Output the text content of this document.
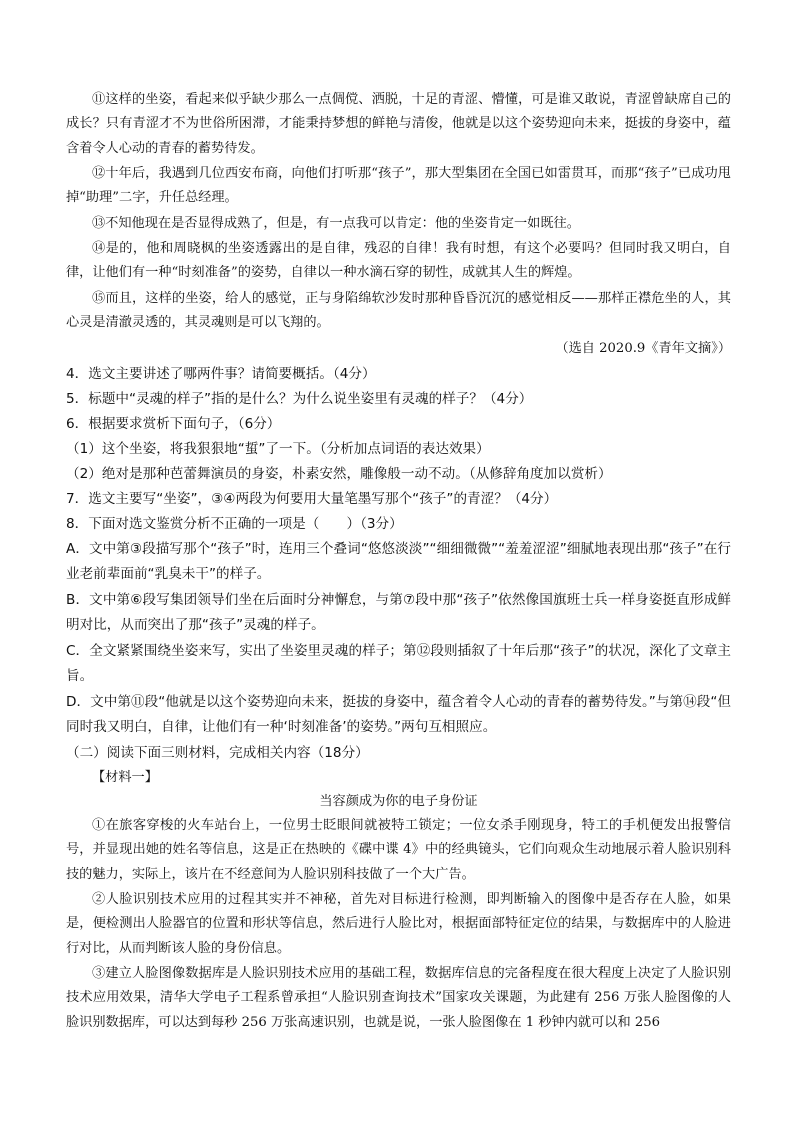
⑪这样的坐姿，看起来似乎缺少那么一点倜傥、洒脱，十足的青涩、懵懂，可是谁又敢说，青涩曾缺席自己的成长？只有青涩才不为世俗所困滞，才能秉持梦想的鲜艳与清俊，他就是以这个姿势迎向未来，挺拔的身姿中，蕴含着令人心动的青春的蓄势待发。

⑫十年后，我遇到几位西安布商，向他们打听那“孩子”，那大型集团在全国已如雷贯耳，而那“孩子”已成功甩掉“助理”二字，升任总经理。

⑬不知他现在是否显得成熟了，但是，有一点我可以肯定：他的坐姿肯定一如既往。

⑭是的，他和周晓枫的坐姿透露出的是自律，残忍的自律！我有时想，有这个必要吗？但同时我又明白，自律，让他们有一种“时刻准备”的姿势，自律以一种水滴石穿的韧性，成就其人生的辉煌。

⑮而且，这样的坐姿，给人的感觉，正与身陷绵软沙发时那种昏昏沉沉的感觉相反——那样正襟危坐的人，其心灵是清澈灵透的，其灵魂则是可以飞翔的。

（选自 2020.9《青年文摘》）

4．选文主要讲述了哪两件事？请简要概括。（4分）

5．标题中“灵魂的样子”指的是什么？为什么说坐姿里有灵魂的样子？（4分）

6．根据要求赏析下面句子，（6分）

（1）这个坐姿，将我狠狠地“蜇”了一下。（分析加点词语的表达效果）

（2）绝对是那种芭蕾舞演员的身姿，朴素安然，雕像般一动不动。（从修辞角度加以赏析）

7．选文主要写“坐姿”，③④两段为何要用大量笔墨写那个“孩子”的青涩？（4分）

8．下面对选文鉴赏分析不正确的一项是（　　）（3分）

A．文中第③段描写那个“孩子”时，连用三个叠词“悠悠淡淡”“细细微微”“羞羞涩涩”细腻地表现出那“孩子”在行业老前辈面前“乳臭未干”的样子。

B．文中第⑥段写集团领导们坐在后面时分神懈怠，与第⑦段中那“孩子”依然像国旗班士兵一样身姿挺直形成鲜明对比，从而突出了那“孩子”灵魂的样子。

C．全文紧紧围绕坐姿来写，实出了坐姿里灵魂的样子；第⑫段则插叙了十年后那“孩子”的状况，深化了文章主旨。

D．文中第⑪段“他就是以这个姿势迎向未来，挺拔的身姿中，蕴含着令人心动的青春的蓄势待发。”与第⑭段“但同时我又明白，自律，让他们有一种‘时刻准备’的姿势。”两句互相照应。

（二）阅读下面三则材料，完成相关内容（18分）

【材料一】

当容颜成为你的电子身份证

①在旅客穿梭的火车站台上，一位男士眨眼间就被特工锁定；一位女杀手刚现身，特工的手机便发出报警信号，并显现出她的姓名等信息，这是正在热映的《碟中谍 4》中的经典镜头，它们向观众生动地展示着人脸识别科技的魅力，实际上，该片在不经意间为人脸识别科技做了一个大广告。

②人脸识别技术应用的过程其实并不神秘，首先对目标进行检测，即判断输入的图像中是否存在人脸，如果是，便检测出人脸器官的位置和形状等信息，然后进行人脸比对，根据面部特征定位的结果，与数据库中的人脸进行对比，从而判断该人脸的身份信息。

③建立人脸图像数据库是人脸识别技术应用的基础工程，数据库信息的完备程度在很大程度上决定了人脸识别技术应用效果，清华大学电子工程系曾承担“人脸识别查询技术”国家攻关课题，为此建有 256 万张人脸图像的人脸识别数据库，可以达到每秒 256 万张高速识别，也就是说，一张人脸图像在 1 秒钟内就可以和 256
